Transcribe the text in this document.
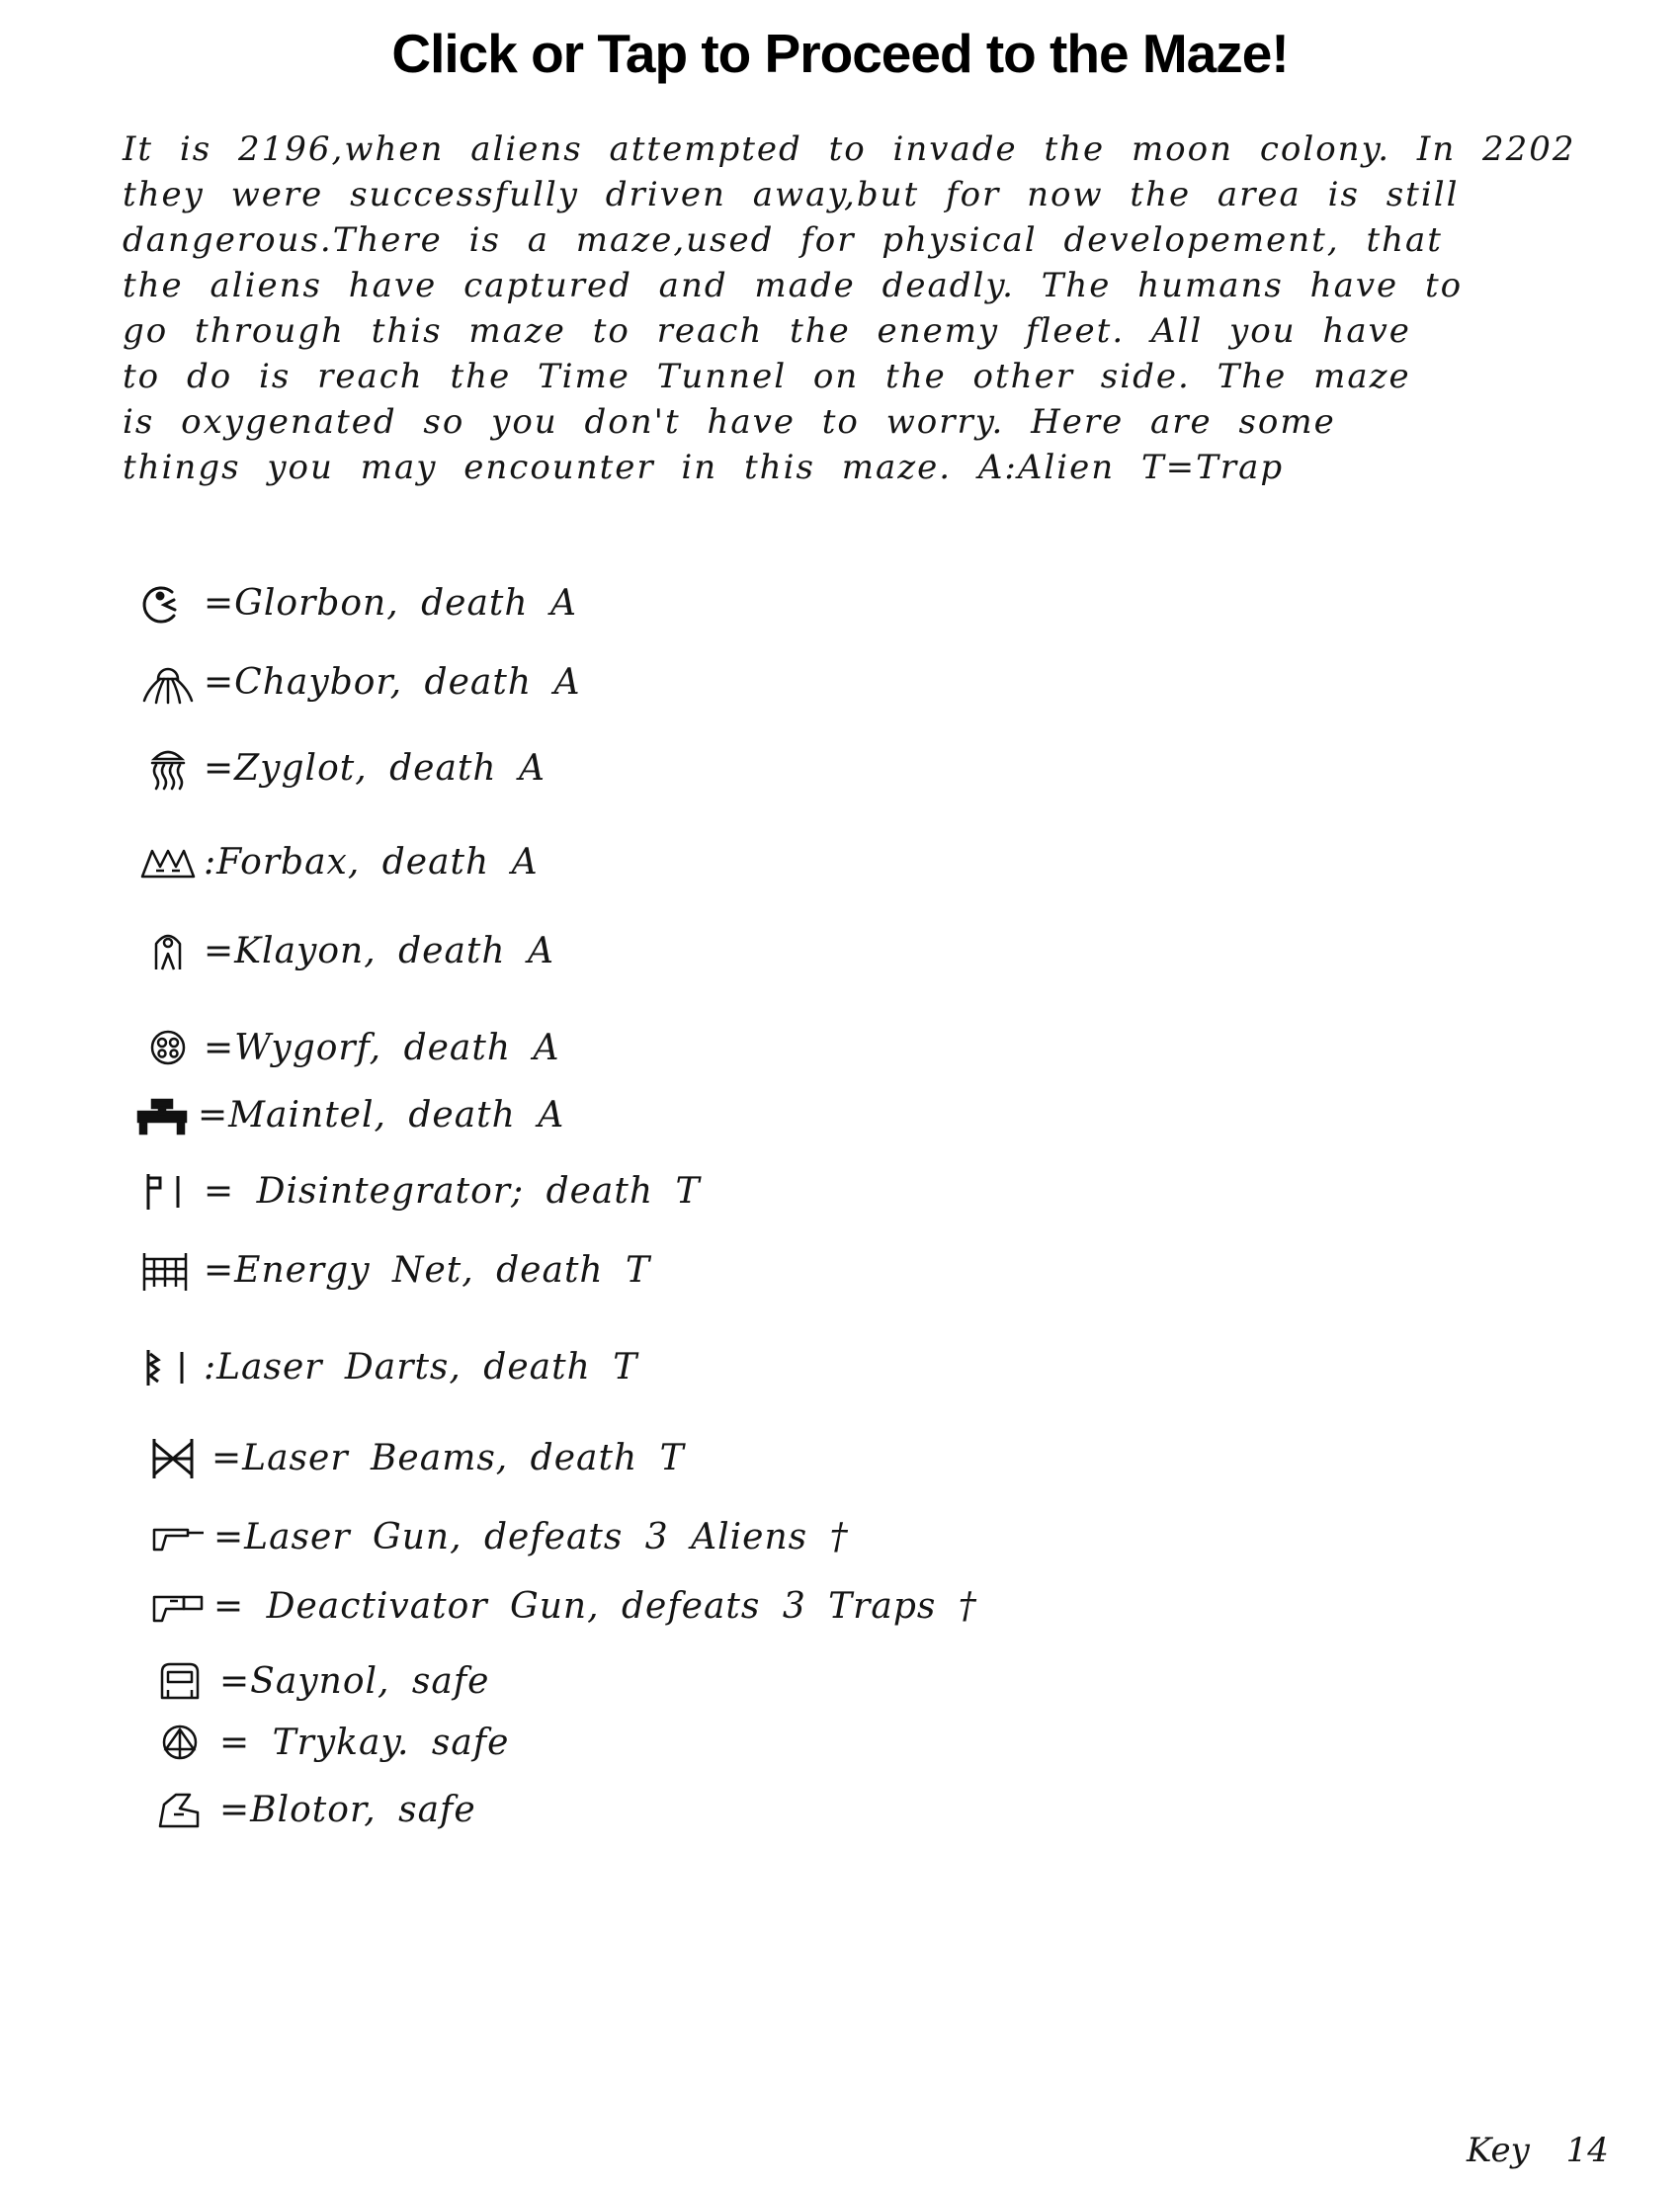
Click or Tap to Proceed to the Maze!
It is 2196,when aliens attempted to invade the moon colony. In 2202
they were successfully driven away,but for now the area is still
dangerous.There is a maze,used for physical developement, that
the aliens have captured and made deadly. The humans have to
go through this maze to reach the enemy fleet. All you have
to do is reach the Time Tunnel on the other side. The maze
is oxygenated so you don't have to worry. Here are some
things you may encounter in this maze. A:Alien T=Trap
=Glorbon, death A
=Chaybor, death A
=Zyglot, death A
:Forbax, death A
=Klayon, death A
=Wygorf, death A
=Maintel, death A
= Disintegrator; death T
=Energy Net, death T
:Laser Darts, death T
=Laser Beams, death T
=Laser Gun, defeats 3 Aliens †
= Deactivator Gun, defeats 3 Traps †
=Saynol, safe
= Trykay. safe
=Blotor, safe
Key 14
